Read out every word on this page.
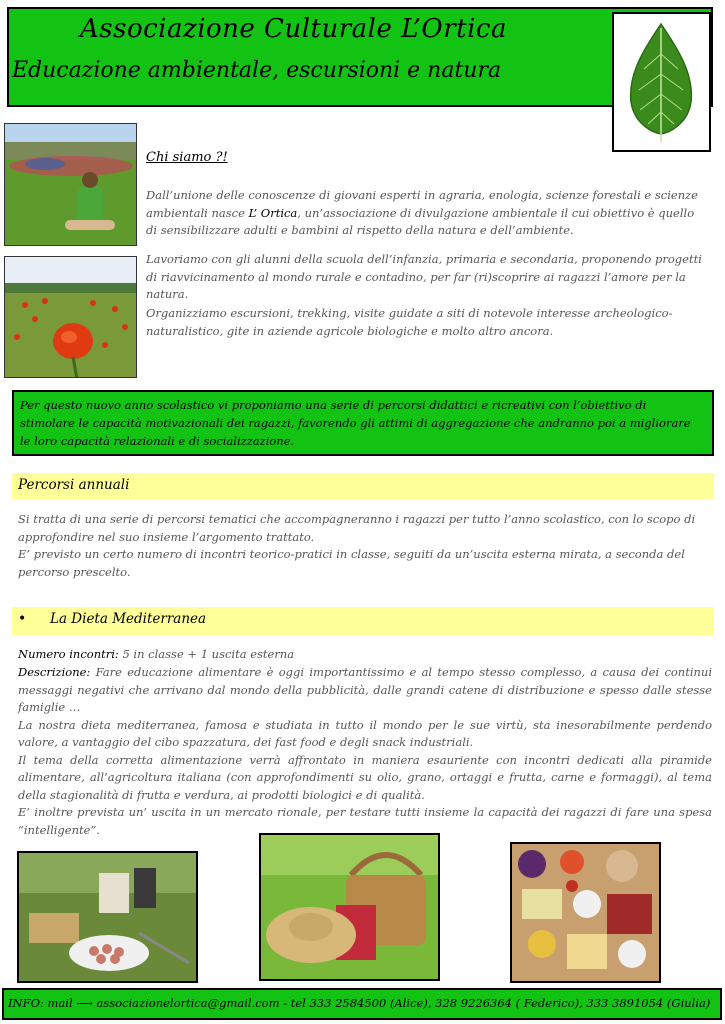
Associazione Culturale L’Ortica
Educazione ambientale, escursioni e natura
Chi siamo ?!
Dall’unione delle conoscenze di giovani esperti in agraria, enologia, scienze forestali e scienze ambientali nasce L’ Ortica, un’associazione di divulgazione ambientale il cui obiettivo è quello di sensibilizzare adulti e bambini al rispetto della natura e dell’ambiente.
Lavoriamo con gli alunni della scuola dell’infanzia, primaria e secondaria, proponendo progetti di riavvicinamento al mondo rurale e contadino, per far (ri)scoprire ai ragazzi l’amore per la natura.
Organizziamo escursioni, trekking, visite guidate a siti di notevole interesse archeologico-naturalistico, gite in aziende agricole biologiche e molto altro ancora.
Per questo nuovo anno scolastico vi proponiamo una serie di percorsi didattici e ricreativi con l’obiettivo di stimolare le capacità motivazionali dei ragazzi, favorendo gli attimi di aggregazione che andranno poi a migliorare le loro capacità relazionali e di socializzazione.
Percorsi annuali
Si tratta di una serie di percorsi tematici che accompagneranno i ragazzi per tutto l’anno scolastico, con lo scopo di approfondire nel suo insieme l’argomento trattato.
E’ previsto un certo numero di incontri teorico-pratici in classe, seguiti da un’uscita esterna mirata, a seconda del percorso prescelto.
• La Dieta Mediterranea
Numero incontri: 5 in classe + 1 uscita esterna
Descrizione: Fare educazione alimentare è oggi importantissimo e al tempo stesso complesso, a causa dei continui messaggi negativi che arrivano dal mondo della pubblicità, dalle grandi catene di distribuzione e spesso dalle stesse famiglie …
La nostra dieta mediterranea, famosa e studiata in tutto il mondo per le sue virtù, sta inesorabilmente perdendo valore, a vantaggio del cibo spazzatura, dei fast food e degli snack industriali.
Il tema della corretta alimentazione verrà affrontato in maniera esauriente con incontri dedicati alla piramide alimentare, all’agricoltura italiana (con approfondimenti su olio, grano, ortaggi e frutta, carne e formaggi), al tema della stagionalità di frutta e verdura, ai prodotti biologici e di qualità.
E’ inoltre prevista un’ uscita in un mercato rionale, per testare tutti insieme la capacità dei ragazzi di fare una spesa “intelligente”.
INFO: mail ⟶ associazionelortica@gmail.com - tel 333 2584500 (Alice), 328 9226364 ( Federico), 333 3891054 (Giulia)
